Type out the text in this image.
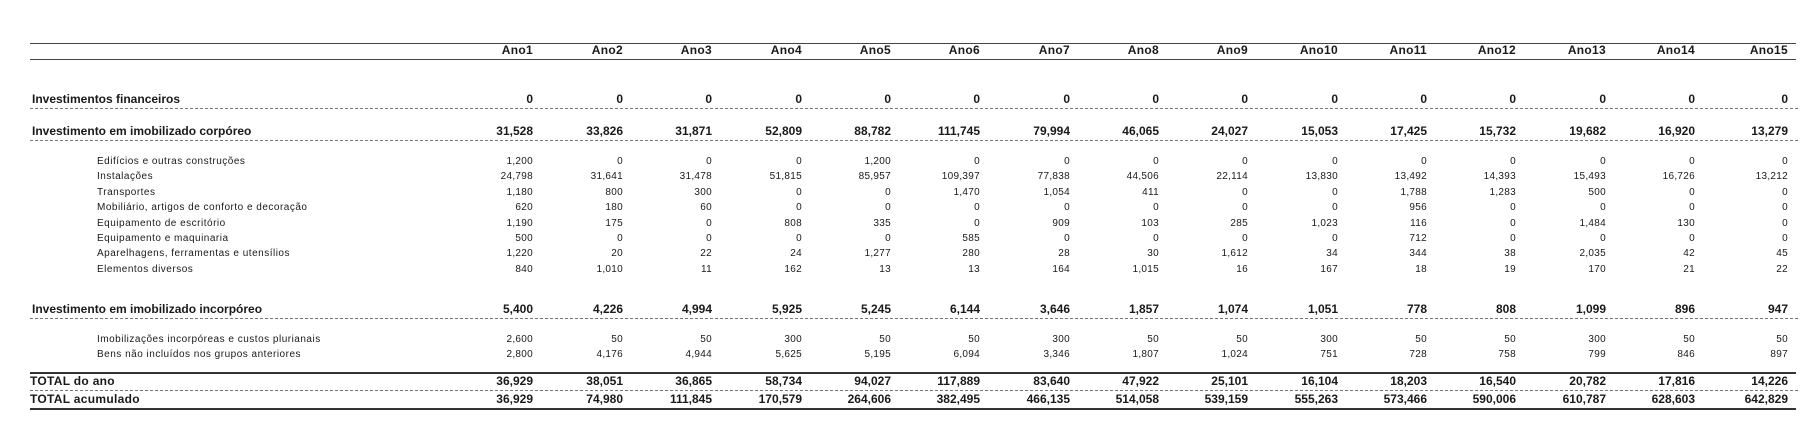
Ano1	Ano2	Ano3	Ano4	Ano5	Ano6	Ano7	Ano8	Ano9	Ano10	Ano11	Ano12	Ano13	Ano14	Ano15
Investimentos financeiros	0	0	0	0	0	0	0	0	0	0	0	0	0	0	0
Investimento em imobilizado corpóreo	31,528	33,826	31,871	52,809	88,782	111,745	79,994	46,065	24,027	15,053	17,425	15,732	19,682	16,920	13,279
Edifícios e outras construções	1,200	0	0	0	1,200	0	0	0	0	0	0	0	0	0	0
Instalações	24,798	31,641	31,478	51,815	85,957	109,397	77,838	44,506	22,114	13,830	13,492	14,393	15,493	16,726	13,212
Transportes	1,180	800	300	0	0	1,470	1,054	411	0	0	1,788	1,283	500	0	0
Mobiliário, artigos de conforto e decoração	620	180	60	0	0	0	0	0	0	0	956	0	0	0	0
Equipamento de escritório	1,190	175	0	808	335	0	909	103	285	1,023	116	0	1,484	130	0
Equipamento e maquinaria	500	0	0	0	0	585	0	0	0	0	712	0	0	0	0
Aparelhagens, ferramentas e utensílios	1,220	20	22	24	1,277	280	28	30	1,612	34	344	38	2,035	42	45
Elementos diversos	840	1,010	11	162	13	13	164	1,015	16	167	18	19	170	21	22
Investimento em imobilizado incorpóreo	5,400	4,226	4,994	5,925	5,245	6,144	3,646	1,857	1,074	1,051	778	808	1,099	896	947
Imobilizações incorpóreas e custos plurianais	2,600	50	50	300	50	50	300	50	50	300	50	50	300	50	50
Bens não incluídos nos grupos anteriores	2,800	4,176	4,944	5,625	5,195	6,094	3,346	1,807	1,024	751	728	758	799	846	897
TOTAL do ano	36,929	38,051	36,865	58,734	94,027	117,889	83,640	47,922	25,101	16,104	18,203	16,540	20,782	17,816	14,226
TOTAL acumulado	36,929	74,980	111,845	170,579	264,606	382,495	466,135	514,058	539,159	555,263	573,466	590,006	610,787	628,603	642,829
